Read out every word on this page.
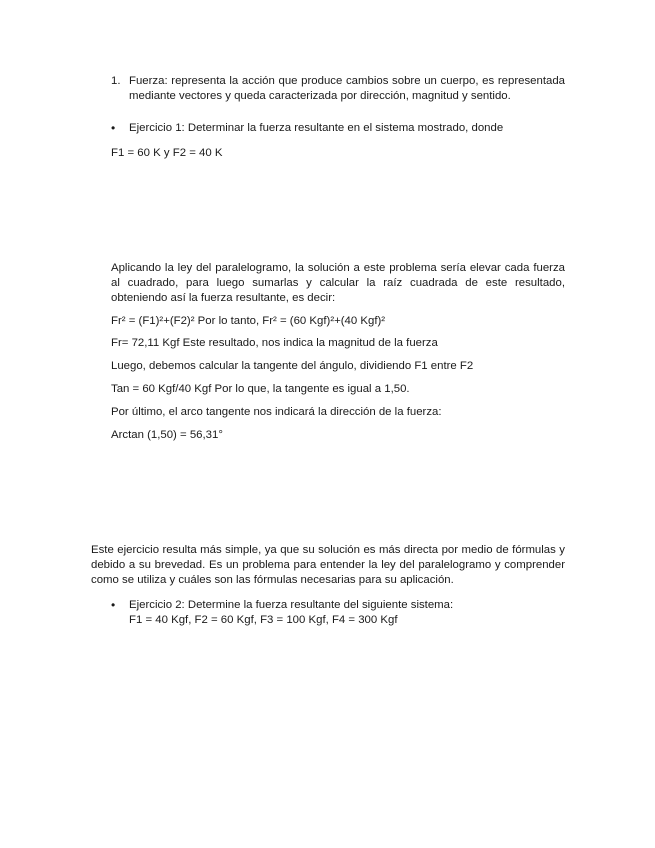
1. Fuerza: representa la acción que produce cambios sobre un cuerpo, es representada mediante vectores y queda caracterizada por dirección, magnitud y sentido.

• Ejercicio 1: Determinar la fuerza resultante en el sistema mostrado, donde

F1 = 60 K y F2 = 40 K

Aplicando la ley del paralelogramo, la solución a este problema sería elevar cada fuerza al cuadrado, para luego sumarlas y calcular la raíz cuadrada de este resultado, obteniendo así la fuerza resultante, es decir:

Fr² = (F1)²+(F2)² Por lo tanto, Fr² = (60 Kgf)²+(40 Kgf)²

Fr= 72,11 Kgf Este resultado, nos indica la magnitud de la fuerza

Luego, debemos calcular la tangente del ángulo, dividiendo F1 entre F2

Tan = 60 Kgf/40 Kgf Por lo que, la tangente es igual a 1,50.

Por último, el arco tangente nos indicará la dirección de la fuerza:

Arctan (1,50) = 56,31°

Este ejercicio resulta más simple, ya que su solución es más directa por medio de fórmulas y debido a su brevedad. Es un problema para entender la ley del paralelogramo y comprender como se utiliza y cuáles son las fórmulas necesarias para su aplicación.

• Ejercicio 2: Determine la fuerza resultante del siguiente sistema:

F1 = 40 Kgf, F2 = 60 Kgf, F3 = 100 Kgf, F4 = 300 Kgf
